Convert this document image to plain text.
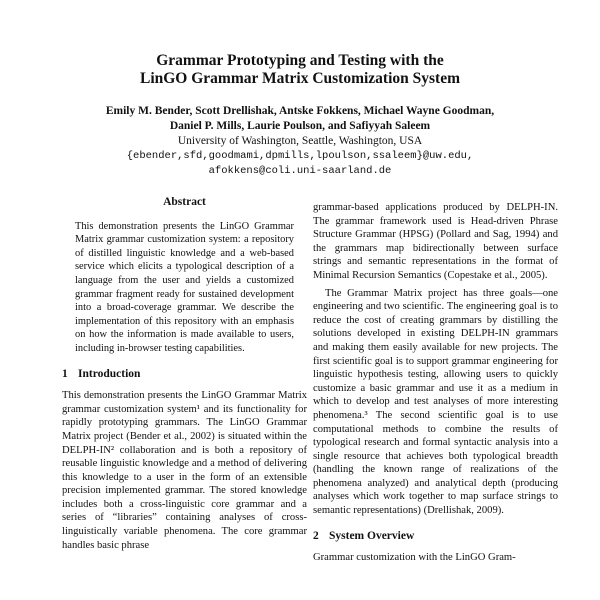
Grammar Prototyping and Testing with the
LinGO Grammar Matrix Customization System
Emily M. Bender, Scott Drellishak, Antske Fokkens, Michael Wayne Goodman,
Daniel P. Mills, Laurie Poulson, and Safiyyah Saleem
University of Washington, Seattle, Washington, USA
{ebender,sfd,goodmami,dpmills,lpoulson,ssaleem}@uw.edu,
afokkens@coli.uni-saarland.de
Abstract

This demonstration presents the LinGO Grammar Matrix grammar customization system: a repository of distilled linguistic knowledge and a web-based service which elicits a typological description of a language from the user and yields a customized grammar fragment ready for sustained development into a broad-coverage grammar. We describe the implementation of this repository with an emphasis on how the information is made available to users, including in-browser testing capabilities.

1 Introduction

This demonstration presents the LinGO Grammar Matrix grammar customization system¹ and its functionality for rapidly prototyping grammars. The LinGO Grammar Matrix project (Bender et al., 2002) is situated within the DELPH-IN² collaboration and is both a repository of reusable linguistic knowledge and a method of delivering this knowledge to a user in the form of an extensible precision implemented grammar. The stored knowledge includes both a cross-linguistic core grammar and a series of “libraries” containing analyses of cross-linguistically variable phenomena. The core grammar handles basic phrase

grammar-based applications produced by DELPH-IN. The grammar framework used is Head-driven Phrase Structure Grammar (HPSG) (Pollard and Sag, 1994) and the grammars map bidirectionally between surface strings and semantic representations in the format of Minimal Recursion Semantics (Copestake et al., 2005).

The Grammar Matrix project has three goals—one engineering and two scientific. The engineering goal is to reduce the cost of creating grammars by distilling the solutions developed in existing DELPH-IN grammars and making them easily available for new projects. The first scientific goal is to support grammar engineering for linguistic hypothesis testing, allowing users to quickly customize a basic grammar and use it as a medium in which to develop and test analyses of more interesting phenomena.³ The second scientific goal is to use computational methods to combine the results of typological research and formal syntactic analysis into a single resource that achieves both typological breadth (handling the known range of realizations of the phenomena analyzed) and analytical depth (producing analyses which work together to map surface strings to semantic representations) (Drellishak, 2009).

2 System Overview

Grammar customization with the LinGO Gram-
